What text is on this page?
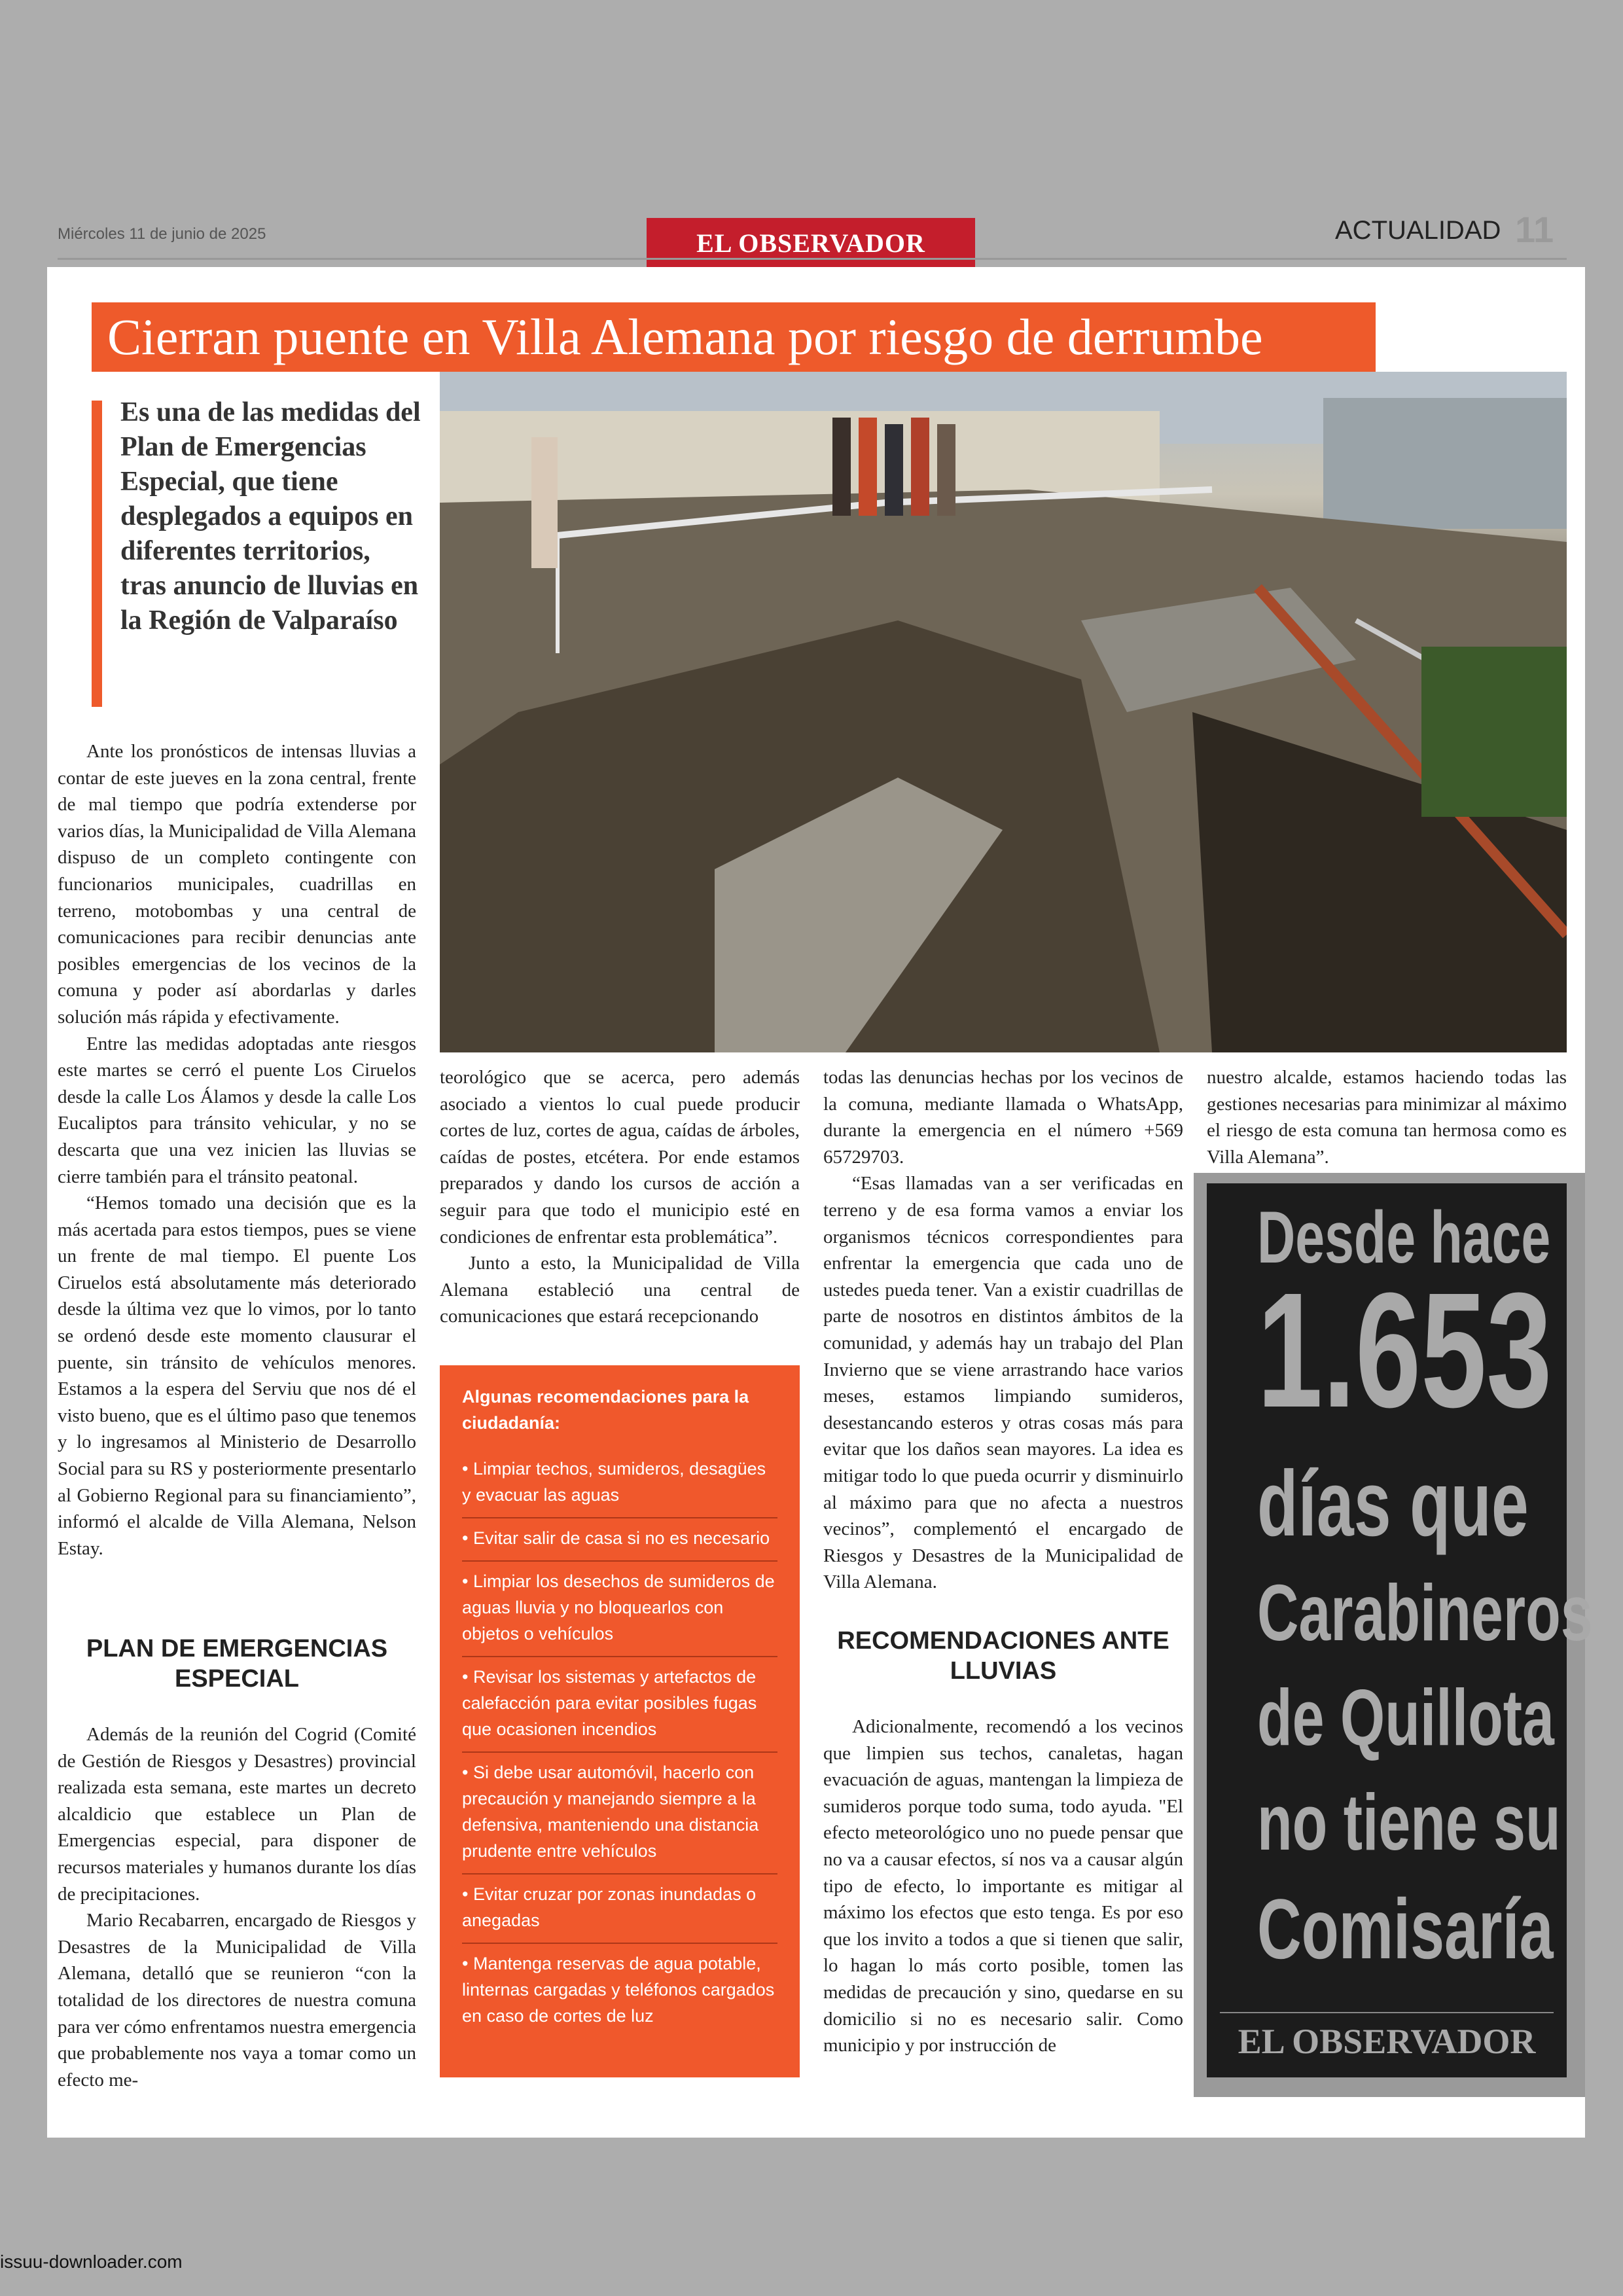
Miércoles 11 de junio de 2025	EL OBSERVADOR	ACTUALIDAD 11
Cierran puente en Villa Alemana por riesgo de derrumbe

Es una de las medidas del Plan de Emergencias Especial, que tiene desplegados a equipos en diferentes territorios, tras anuncio de lluvias en la Región de Valparaíso

Ante los pronósticos de intensas lluvias a contar de este jueves en la zona central, frente de mal tiempo que podría extenderse por varios días, la Municipalidad de Villa Alemana dispuso de un completo contingente con funcionarios municipales, cuadrillas en terreno, motobombas y una central de comunicaciones para recibir denuncias ante posibles emergencias de los vecinos de la comuna y poder así abordarlas y darles solución más rápida y efectivamente.

Entre las medidas adoptadas ante riesgos este martes se cerró el puente Los Ciruelos desde la calle Los Álamos y desde la calle Los Eucaliptos para tránsito vehicular, y no se descarta que una vez inicien las lluvias se cierre también para el tránsito peatonal.

“Hemos tomado una decisión que es la más acertada para estos tiempos, pues se viene un frente de mal tiempo. El puente Los Ciruelos está absolutamente más deteriorado desde la última vez que lo vimos, por lo tanto se ordenó desde este momento clausurar el puente, sin tránsito de vehículos menores. Estamos a la espera del Serviu que nos dé el visto bueno, que es el último paso que tenemos y lo ingresamos al Ministerio de Desarrollo Social para su RS y posteriormente presentarlo al Gobierno Regional para su financiamiento”, informó el alcalde de Villa Alemana, Nelson Estay.

PLAN DE EMERGENCIAS ESPECIAL

Además de la reunión del Cogrid (Comité de Gestión de Riesgos y Desastres) provincial realizada esta semana, este martes un decreto alcaldicio que establece un Plan de Emergencias especial, para disponer de recursos materiales y humanos durante los días de precipitaciones.

Mario Recabarren, encargado de Riesgos y Desastres de la Municipalidad de Villa Alemana, detalló que se reunieron “con la totalidad de los directores de nuestra comuna para ver cómo enfrentamos nuestra emergencia que probablemente nos vaya a tomar como un efecto me-

teorológico que se acerca, pero además asociado a vientos lo cual puede producir cortes de luz, cortes de agua, caídas de árboles, caídas de postes, etcétera. Por ende estamos preparados y dando los cursos de acción a seguir para que todo el municipio esté en condiciones de enfrentar esta problemática”.

Junto a esto, la Municipalidad de Villa Alemana estableció una central de comunicaciones que estará recepcionando

Algunas recomendaciones para la ciudadanía:
• Limpiar techos, sumideros, desagües y evacuar las aguas
• Evitar salir de casa si no es necesario
• Limpiar los desechos de sumideros de aguas lluvia y no bloquearlos con objetos o vehículos
• Revisar los sistemas y artefactos de calefacción para evitar posibles fugas que ocasionen incendios
• Si debe usar automóvil, hacerlo con precaución y manejando siempre a la defensiva, manteniendo una distancia prudente entre vehículos
• Evitar cruzar por zonas inundadas o anegadas
• Mantenga reservas de agua potable, linternas cargadas y teléfonos cargados en caso de cortes de luz

todas las denuncias hechas por los vecinos de la comuna, mediante llamada o WhatsApp, durante la emergencia en el número +569 65729703.

“Esas llamadas van a ser verificadas en terreno y de esa forma vamos a enviar los organismos técnicos correspondientes para enfrentar la emergencia que cada uno de ustedes pueda tener. Van a existir cuadrillas de parte de nosotros en distintos ámbitos de la comunidad, y además hay un trabajo del Plan Invierno que se viene arrastrando hace varios meses, estamos limpiando sumideros, desestancando esteros y otras cosas más para evitar que los daños sean mayores. La idea es mitigar todo lo que pueda ocurrir y disminuirlo al máximo para que no afecta a nuestros vecinos”, complementó el encargado de Riesgos y Desastres de la Municipalidad de Villa Alemana.

RECOMENDACIONES ANTE LLUVIAS

Adicionalmente, recomendó a los vecinos que limpien sus techos, canaletas, hagan evacuación de aguas, mantengan la limpieza de sumideros porque todo suma, todo ayuda. "El efecto meteorológico uno no puede pensar que no va a causar efectos, sí nos va a causar algún tipo de efecto, lo importante es mitigar al máximo los efectos que esto tenga. Es por eso que los invito a todos a que si tienen que salir, lo hagan lo más corto posible, tomen las medidas de precaución y sino, quedarse en su domicilio si no es necesario salir. Como municipio y por instrucción de

nuestro alcalde, estamos haciendo todas las gestiones necesarias para minimizar al máximo el riesgo de esta comuna tan hermosa como es Villa Alemana”.

Desde hace
1.653
días que
Carabineros
de Quillota
no tiene su
Comisaría
EL OBSERVADOR
issuu-downloader.com
